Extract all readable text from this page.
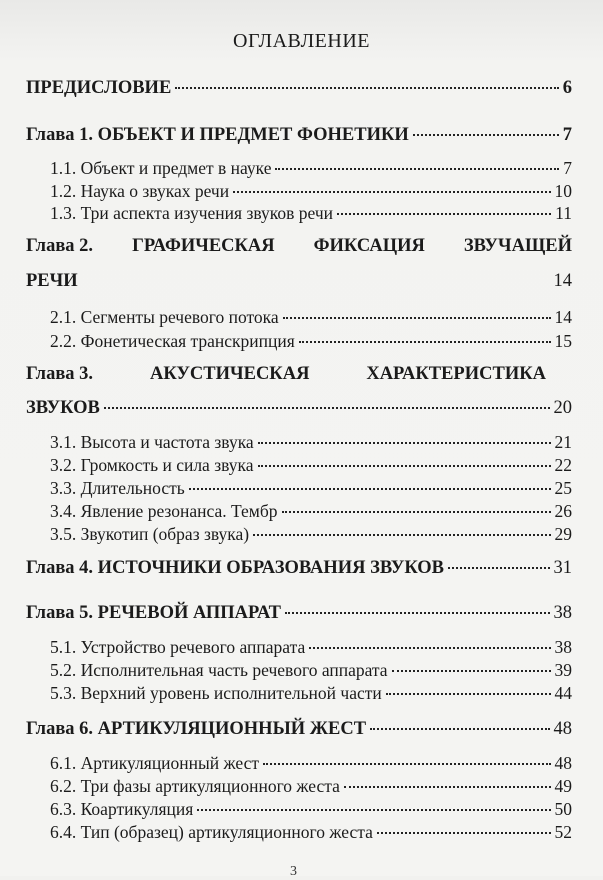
ОГЛАВЛЕНИЕ
ПРЕДИСЛОВИЕ	6
Глава 1. ОБЪЕКТ И ПРЕДМЕТ ФОНЕТИКИ	7
1.1. Объект и предмет в науке	7
1.2. Наука о звуках речи	10
1.3. Три аспекта изучения звуков речи	11
Глава 2. ГРАФИЧЕСКАЯ ФИКСАЦИЯ ЗВУЧАЩЕЙ
РЕЧИ	14
2.1. Сегменты речевого потока	14
2.2. Фонетическая транскрипция	15
Глава 3.	АКУСТИЧЕСКАЯ	ХАРАКТЕРИСТИКА
ЗВУКОВ	20
3.1. Высота и частота звука	21
3.2. Громкость и сила звука	22
3.3. Длительность	25
3.4. Явление резонанса. Тембр	26
3.5. Звукотип (образ звука)	29
Глава 4. ИСТОЧНИКИ ОБРАЗОВАНИЯ ЗВУКОВ	31
Глава 5. РЕЧЕВОЙ АППАРАТ	38
5.1. Устройство речевого аппарата	38
5.2. Исполнительная часть речевого аппарата	39
5.3. Верхний уровень исполнительной части	44
Глава 6. АРТИКУЛЯЦИОННЫЙ ЖЕСТ	48
6.1. Артикуляционный жест	48
6.2. Три фазы артикуляционного жеста	49
6.3. Коартикуляция	50
6.4. Тип (образец) артикуляционного жеста	52
3
